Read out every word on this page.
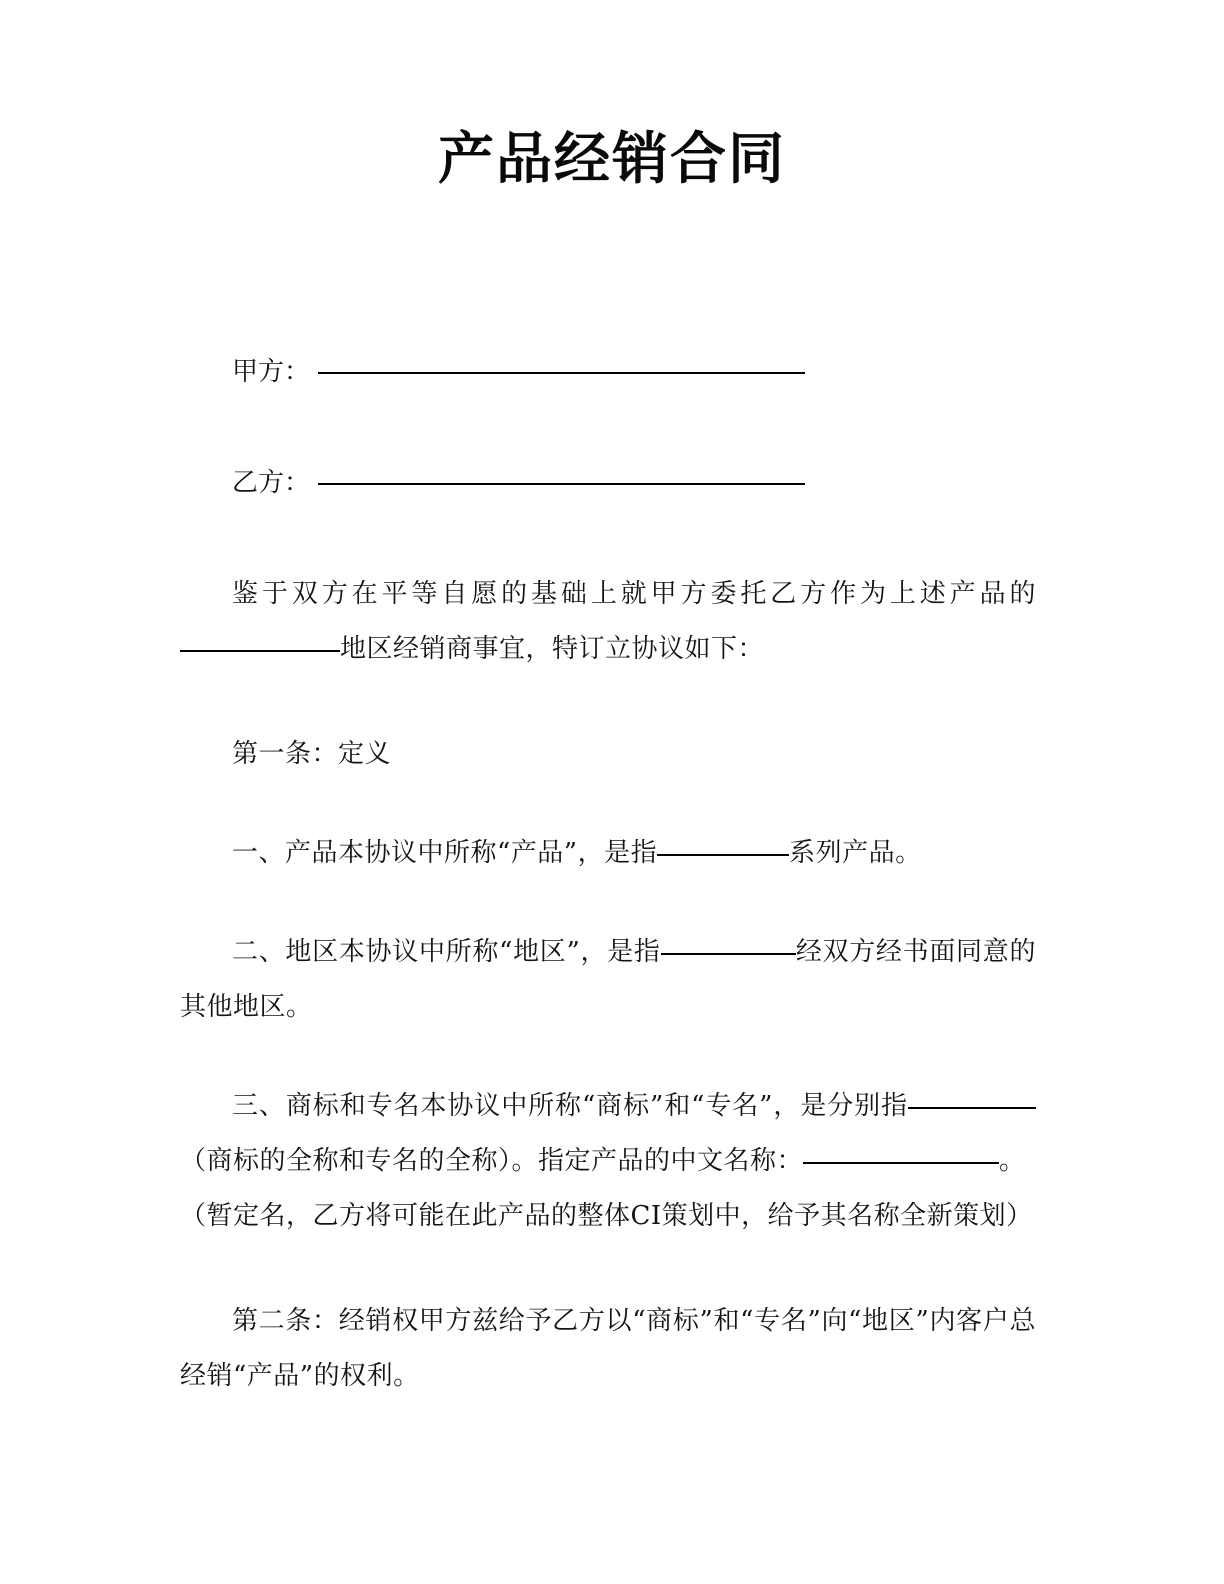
产品经销合同
甲方：
乙方：

鉴于双方在平等自愿的基础上就甲方委托乙方作为上述产品的地区经销商事宜，特订立协议如下：

第一条：定义

一、产品本协议中所称“产品”，是指	系列产品。

二、地区本协议中所称“地区”，是指	经双方经书面同意的其他地区。

三、商标和专名本协议中所称“商标”和“专名”，是分别指（商标的全称和专名的全称）。指定产品的中文名称：	。

（暂定名，乙方将可能在此产品的整体CI策划中，给予其名称全新策划）

第二条：经销权甲方兹给予乙方以“商标”和“专名”向“地区”内客户总经销“产品”的权利。
